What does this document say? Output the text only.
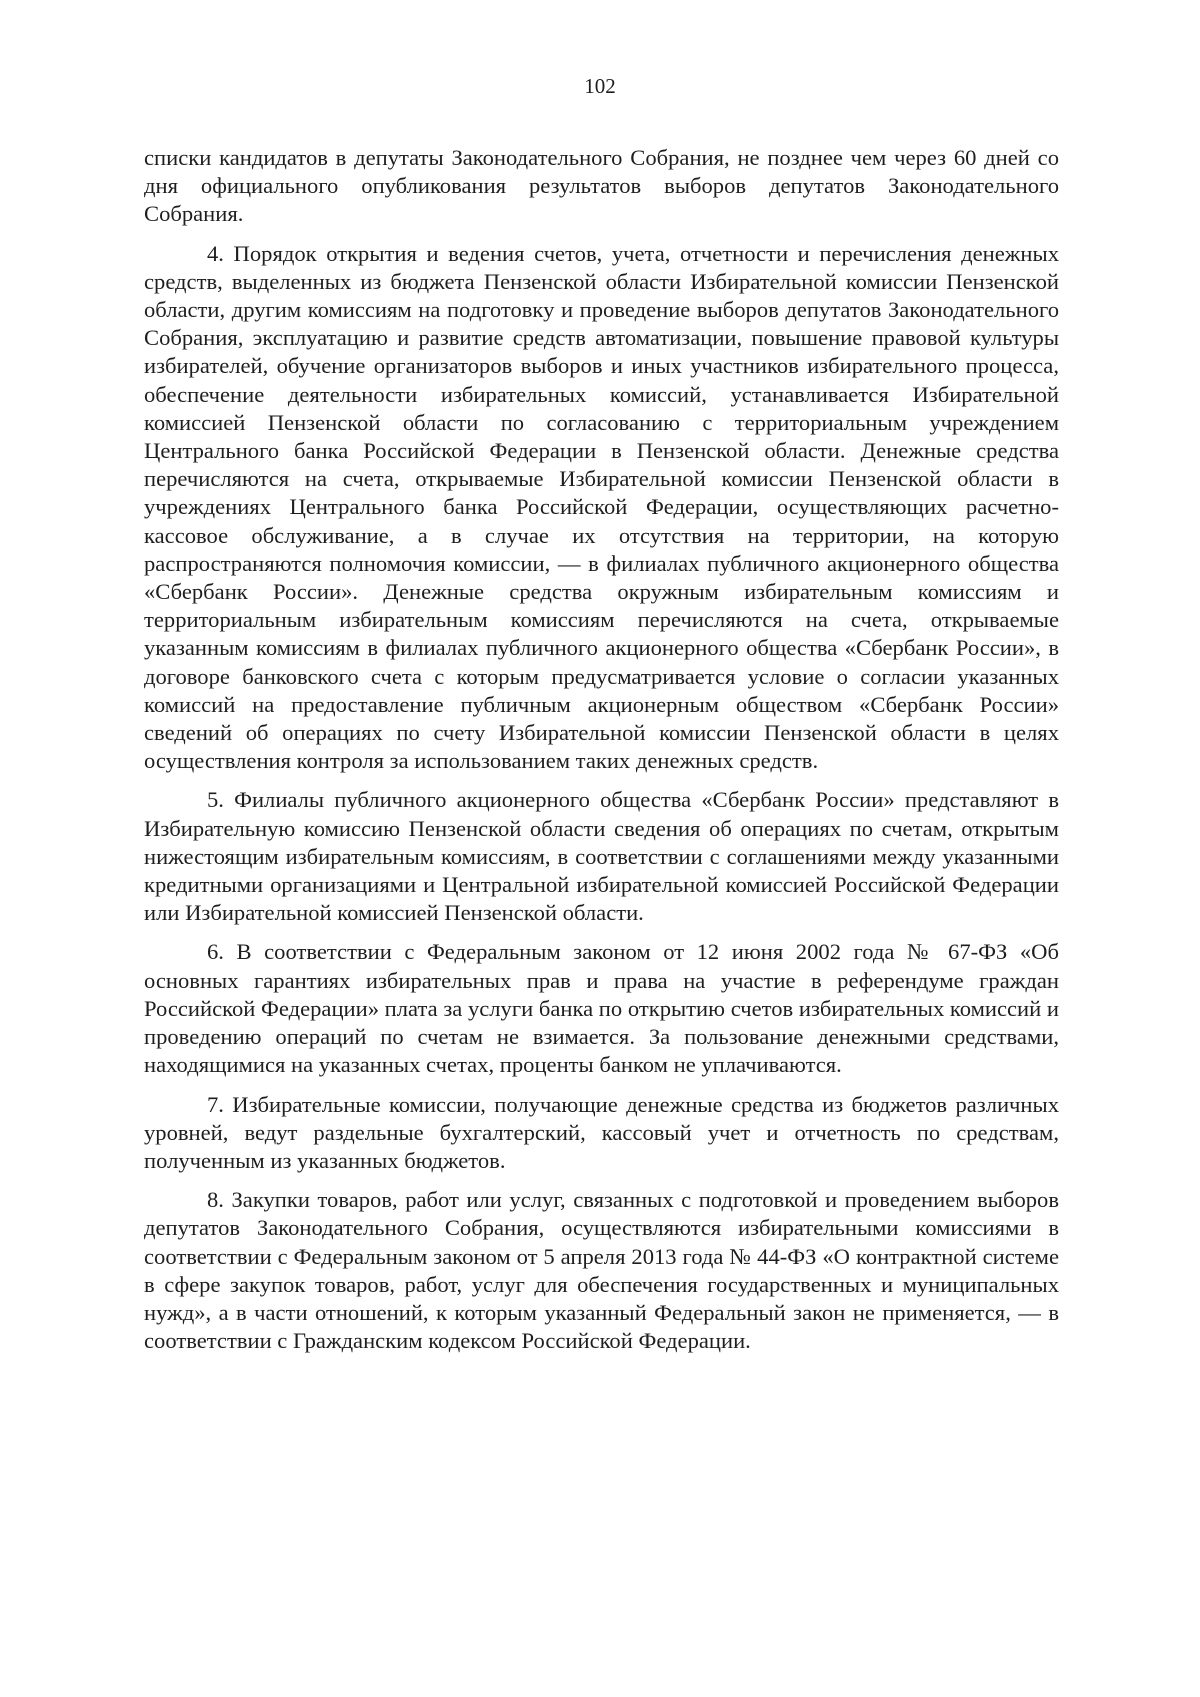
102

списки кандидатов в депутаты Законодательного Собрания, не позднее чем через 60 дней со дня официального опубликования результатов выборов депутатов Законодательного Собрания.

4. Порядок открытия и ведения счетов, учета, отчетности и перечисления денежных средств, выделенных из бюджета Пензенской области Избирательной комиссии Пензенской области, другим комиссиям на подготовку и проведение выборов депутатов Законодательного Собрания, эксплуатацию и развитие средств автоматизации, повышение правовой культуры избирателей, обучение организаторов выборов и иных участников избирательного процесса, обеспечение деятельности избирательных комиссий, устанавливается Избирательной комиссией Пензенской области по согласованию с территориальным учреждением Центрального банка Российской Федерации в Пензенской области. Денежные средства перечисляются на счета, открываемые Избирательной комиссии Пензенской области в учреждениях Центрального банка Российской Федерации, осуществляющих расчетно-кассовое обслуживание, а в случае их отсутствия на территории, на которую распространяются полномочия комиссии, — в филиалах публичного акционерного общества «Сбербанк России». Денежные средства окружным избирательным комиссиям и территориальным избирательным комиссиям перечисляются на счета, открываемые указанным комиссиям в филиалах публичного акционерного общества «Сбербанк России», в договоре банковского счета с которым предусматривается условие о согласии указанных комиссий на предоставление публичным акционерным обществом «Сбербанк России» сведений об операциях по счету Избирательной комиссии Пензенской области в целях осуществления контроля за использованием таких денежных средств.

5. Филиалы публичного акционерного общества «Сбербанк России» представляют в Избирательную комиссию Пензенской области сведения об операциях по счетам, открытым нижестоящим избирательным комиссиям, в соответствии с соглашениями между указанными кредитными организациями и Центральной избирательной комиссией Российской Федерации или Избирательной комиссией Пензенской области.

6. В соответствии с Федеральным законом от 12 июня 2002 года № 67-ФЗ «Об основных гарантиях избирательных прав и права на участие в референдуме граждан Российской Федерации» плата за услуги банка по открытию счетов избирательных комиссий и проведению операций по счетам не взимается. За пользование денежными средствами, находящимися на указанных счетах, проценты банком не уплачиваются.

7. Избирательные комиссии, получающие денежные средства из бюджетов различных уровней, ведут раздельные бухгалтерский, кассовый учет и отчетность по средствам, полученным из указанных бюджетов.

8. Закупки товаров, работ или услуг, связанных с подготовкой и проведением выборов депутатов Законодательного Собрания, осуществляются избирательными комиссиями в соответствии с Федеральным законом от 5 апреля 2013 года № 44-ФЗ «О контрактной системе в сфере закупок товаров, работ, услуг для обеспечения государственных и муниципальных нужд», а в части отношений, к которым указанный Федеральный закон не применяется, — в соответствии с Гражданским кодексом Российской Федерации.
